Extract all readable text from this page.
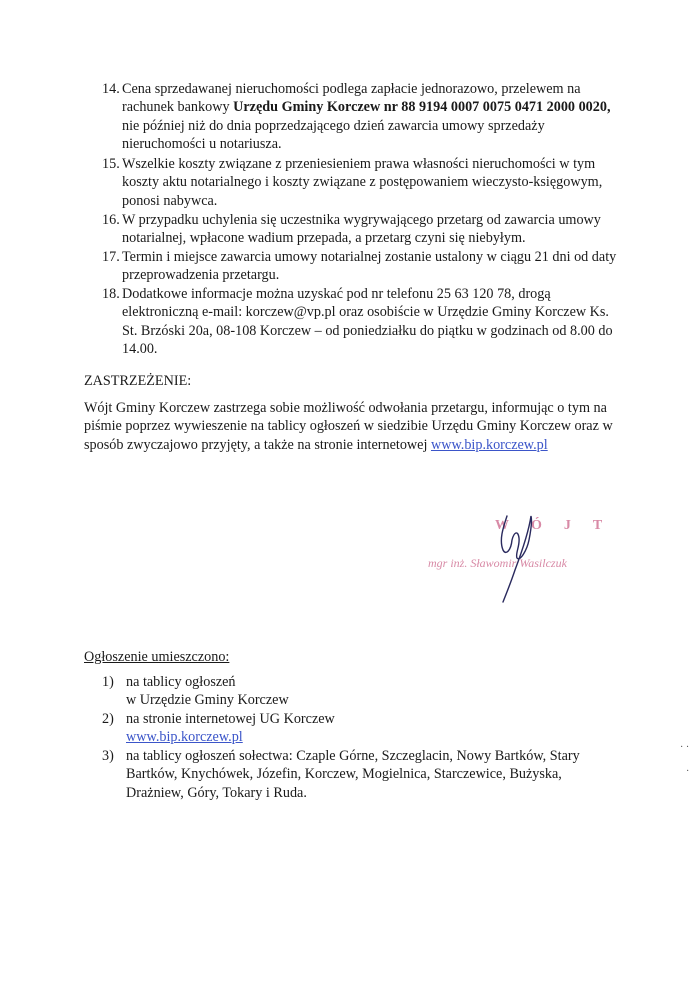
14. Cena sprzedawanej nieruchomości podlega zapłacie jednorazowo, przelewem na rachunek bankowy Urzędu Gminy Korczew nr 88 9194 0007 0075 0471 2000 0020, nie później niż do dnia poprzedzającego dzień zawarcia umowy sprzedaży nieruchomości u notariusza.
15. Wszelkie koszty związane z przeniesieniem prawa własności nieruchomości w tym koszty aktu notarialnego i koszty związane z postępowaniem wieczysto-księgowym, ponosi nabywca.
16. W przypadku uchylenia się uczestnika wygrywającego przetarg od zawarcia umowy notarialnej, wpłacone wadium przepada, a przetarg czyni się niebyłym.
17. Termin i miejsce zawarcia umowy notarialnej zostanie ustalony w ciągu 21 dni od daty przeprowadzenia przetargu.
18. Dodatkowe informacje można uzyskać pod nr telefonu 25 63 120 78, drogą elektroniczną e-mail: korczew@vp.pl oraz osobiście w Urzędzie Gminy Korczew Ks. St. Brzóski 20a, 08-108 Korczew – od poniedziałku do piątku w godzinach od 8.00 do 14.00.
ZASTRZEŻENIE:
Wójt Gminy Korczew zastrzega sobie możliwość odwołania przetargu, informując o tym na piśmie poprzez wywieszenie na tablicy ogłoszeń w siedzibie Urzędu Gminy Korczew oraz w sposób zwyczajowo przyjęty, a także na stronie internetowej www.bip.korczew.pl
WÓJT
mgr inż. Sławomir Wasilczuk
Ogłoszenie umieszczono:
1) na tablicy ogłoszeń
w Urzędzie Gminy Korczew
2) na stronie internetowej UG Korczew
www.bip.korczew.pl
3) na tablicy ogłoszeń sołectwa: Czaple Górne, Szczeglacin, Nowy Bartków, Stary Bartków, Knychówek, Józefin, Korczew, Mogielnica, Starczewice, Bużyska, Drażniew, Góry, Tokary i Ruda.
· ·
·
